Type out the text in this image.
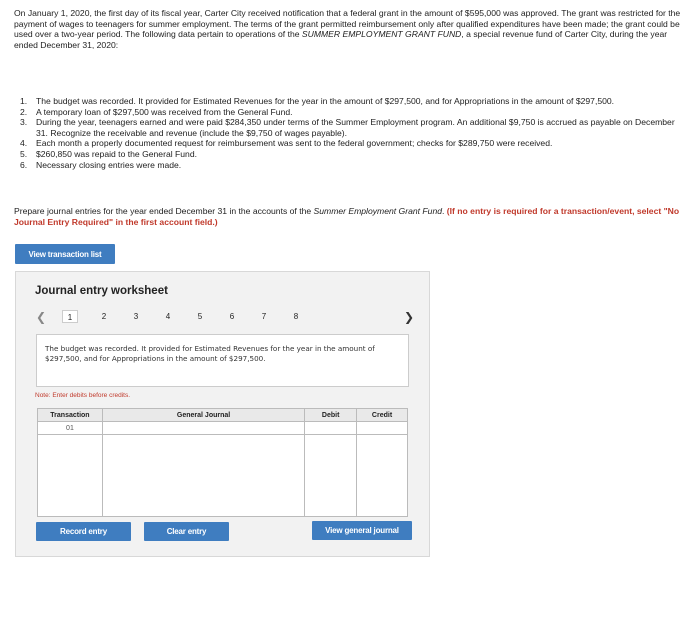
On January 1, 2020, the first day of its fiscal year, Carter City received notification that a federal grant in the amount of $595,000 was approved. The grant was restricted for the payment of wages to teenagers for summer employment. The terms of the grant permitted reimbursement only after qualified expenditures have been made; the grant could be used over a two-year period. The following data pertain to operations of the SUMMER EMPLOYMENT GRANT FUND, a special revenue fund of Carter City, during the year ended December 31, 2020:
1.	The budget was recorded. It provided for Estimated Revenues for the year in the amount of $297,500, and for Appropriations in the amount of $297,500.
2.	A temporary loan of $297,500 was received from the General Fund.
3.	During the year, teenagers earned and were paid $284,350 under terms of the Summer Employment program. An additional $9,750 is accrued as payable on December 31. Recognize the receivable and revenue (include the $9,750 of wages payable).
4.	Each month a properly documented request for reimbursement was sent to the federal government; checks for $289,750 were received.
5.	$260,850 was repaid to the General Fund.
6.	Necessary closing entries were made.
Prepare journal entries for the year ended December 31 in the accounts of the Summer Employment Grant Fund. (If no entry is required for a transaction/event, select "No Journal Entry Required" in the first account field.)
View transaction list
Journal entry worksheet
❮	1	2	3	4	5	6	7	8	❯
The budget was recorded. It provided for Estimated Revenues for the year in the amount of $297,500, and for Appropriations in the amount of $297,500.
Note: Enter debits before credits.
Transaction	General Journal	Debit	Credit
01			

Record entry	Clear entry	View general journal
